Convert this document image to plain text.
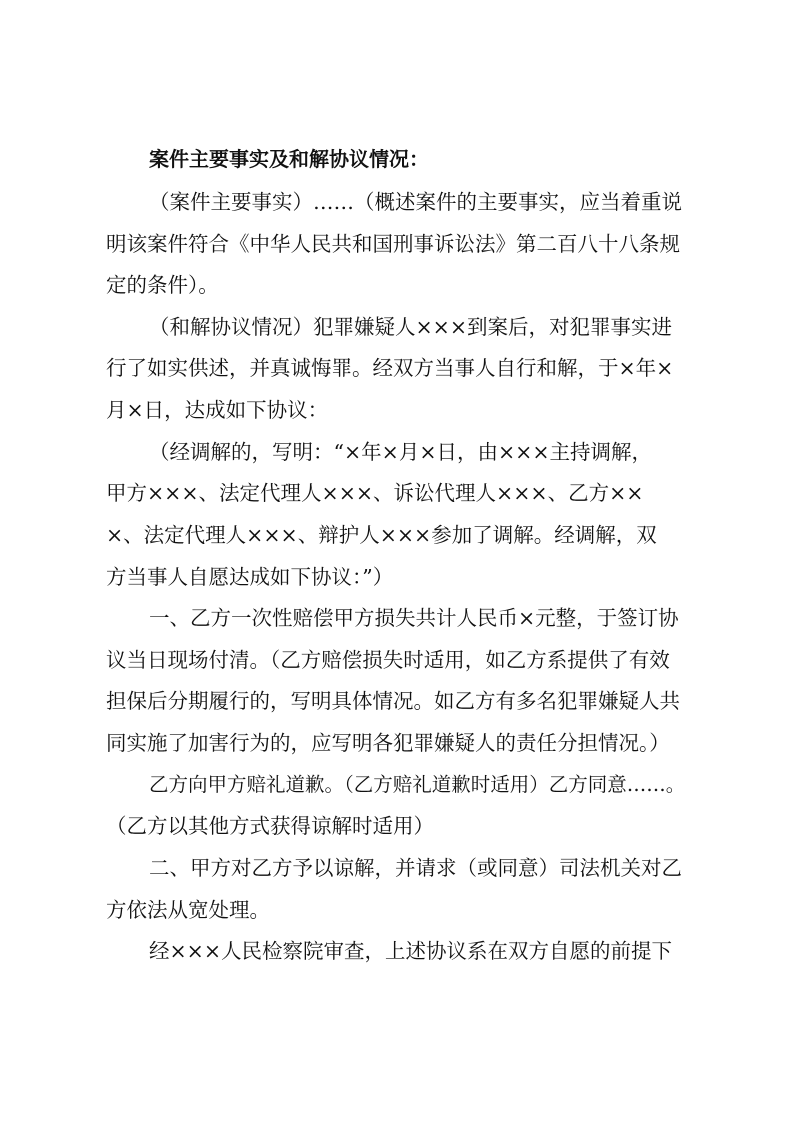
案件主要事实及和解协议情况：
（案件主要事实）……（概述案件的主要事实，应当着重说
明该案件符合《中华人民共和国刑事诉讼法》第二百八十八条规
定的条件）。
（和解协议情况）犯罪嫌疑人×××到案后，对犯罪事实进
行了如实供述，并真诚悔罪。经双方当事人自行和解，于×年×
月×日，达成如下协议：
（经调解的，写明：“×年×月×日，由×××主持调解，
甲方×××、法定代理人×××、诉讼代理人×××、乙方××
×、法定代理人×××、辩护人×××参加了调解。经调解，双
方当事人自愿达成如下协议：”）
一、乙方一次性赔偿甲方损失共计人民币×元整，于签订协
议当日现场付清。（乙方赔偿损失时适用，如乙方系提供了有效
担保后分期履行的，写明具体情况。如乙方有多名犯罪嫌疑人共
同实施了加害行为的，应写明各犯罪嫌疑人的责任分担情况。）
乙方向甲方赔礼道歉。（乙方赔礼道歉时适用）乙方同意……。
（乙方以其他方式获得谅解时适用）
二、甲方对乙方予以谅解，并请求（或同意）司法机关对乙
方依法从宽处理。
经×××人民检察院审查，上述协议系在双方自愿的前提下
